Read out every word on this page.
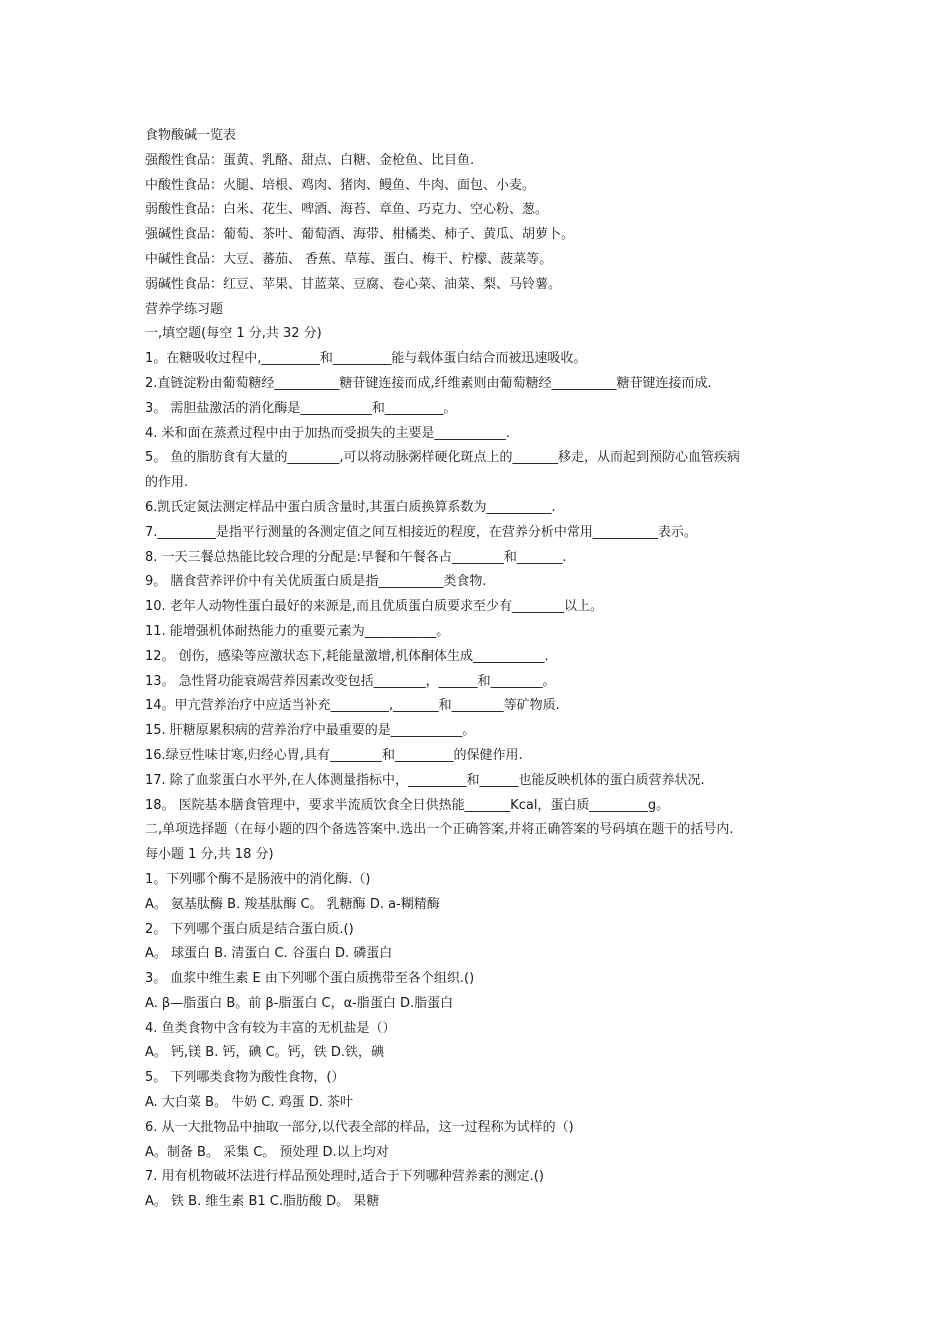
食物酸碱一览表
强酸性食品：蛋黄、乳酪、甜点、白糖、金枪鱼、比目鱼.
中酸性食品：火腿、培根、鸡肉、猪肉、鳗鱼、牛肉、面包、小麦。
弱酸性食品：白米、花生、啤酒、海苔、章鱼、巧克力、空心粉、葱。
强碱性食品：葡萄、茶叶、葡萄酒、海带、柑橘类、柿子、黄瓜、胡萝卜。
中碱性食品：大豆、蕃茄、 香蕉、草莓、蛋白、梅干、柠檬、菠菜等。
弱碱性食品：红豆、苹果、甘蓝菜、豆腐、卷心菜、油菜、梨、马铃薯。
营养学练习题
一,填空题(每空 1 分,共 32 分)
1。在糖吸收过程中,_________和_________能与载体蛋白结合而被迅速吸收。
2.直链淀粉由葡萄糖经__________糖苷键连接而成,纤维素则由葡萄糖经__________糖苷键连接而成.
3。 需胆盐激活的消化酶是___________和_________。
4. 米和面在蒸煮过程中由于加热而受损失的主要是___________.
5。 鱼的脂肪食有大量的________,可以将动脉粥样硬化斑点上的_______移走，从而起到预防心血管疾病
的作用.
6.凯氏定氮法测定样品中蛋白质含量时,其蛋白质换算系数为__________.
7._________是指平行测量的各测定值之间互相接近的程度，在营养分析中常用__________表示。
8. 一天三餐总热能比较合理的分配是:早餐和午餐各占________和_______.
9。 膳食营养评价中有关优质蛋白质是指__________类食物.
10. 老年人动物性蛋白最好的来源是,而且优质蛋白质要求至少有________以上。
11. 能增强机体耐热能力的重要元素为___________。
12。 创伤，感染等应激状态下,耗能量激增,机体酮体生成___________.
13。 急性肾功能衰竭营养因素改变包括________，______和________。
14。甲亢营养治疗中应适当补充_________,_______和________等矿物质.
15. 肝糖原累积病的营养治疗中最重要的是___________。
16.绿豆性味甘寒,归经心胃,具有________和_________的保健作用.
17. 除了血浆蛋白水平外,在人体测量指标中，_________和______也能反映机体的蛋白质营养状况.
18。 医院基本膳食管理中，要求半流质饮食全日供热能_______Kcal，蛋白质_________g。
二,单项选择题（在每小题的四个备选答案中.选出一个正确答案,并将正确答案的号码填在题干的括号内.
每小题 1 分,共 18 分)
1。下列哪个酶不是肠液中的消化酶.（)
A。 氨基肽酶 B. 羧基肽酶 C。 乳糖酶 D. a-糊精酶
2。 下列哪个蛋白质是结合蛋白质.()
A。 球蛋白 B. 清蛋白 C. 谷蛋白 D. 磷蛋白
3。 血浆中维生素 E 由下列哪个蛋白质携带至各个组织.()
A. β—脂蛋白 B。前 β-脂蛋白 C，α-脂蛋白 D.脂蛋白
4. 鱼类食物中含有较为丰富的无机盐是（）
A。 钙,镁 B. 钙，碘 C。钙，铁 D.铁，碘
5。 下列哪类食物为酸性食物，(）
A. 大白菜 B。 牛奶 C. 鸡蛋 D. 茶叶
6. 从一大批物品中抽取一部分,以代表全部的样品，这一过程称为试样的（)
A。制备 B。 采集 C。 预处理 D.以上均对
7. 用有机物破坏法进行样品预处理时,适合于下列哪种营养素的测定.()
A。 铁 B. 维生素 B1 C.脂肪酸 D。 果糖
